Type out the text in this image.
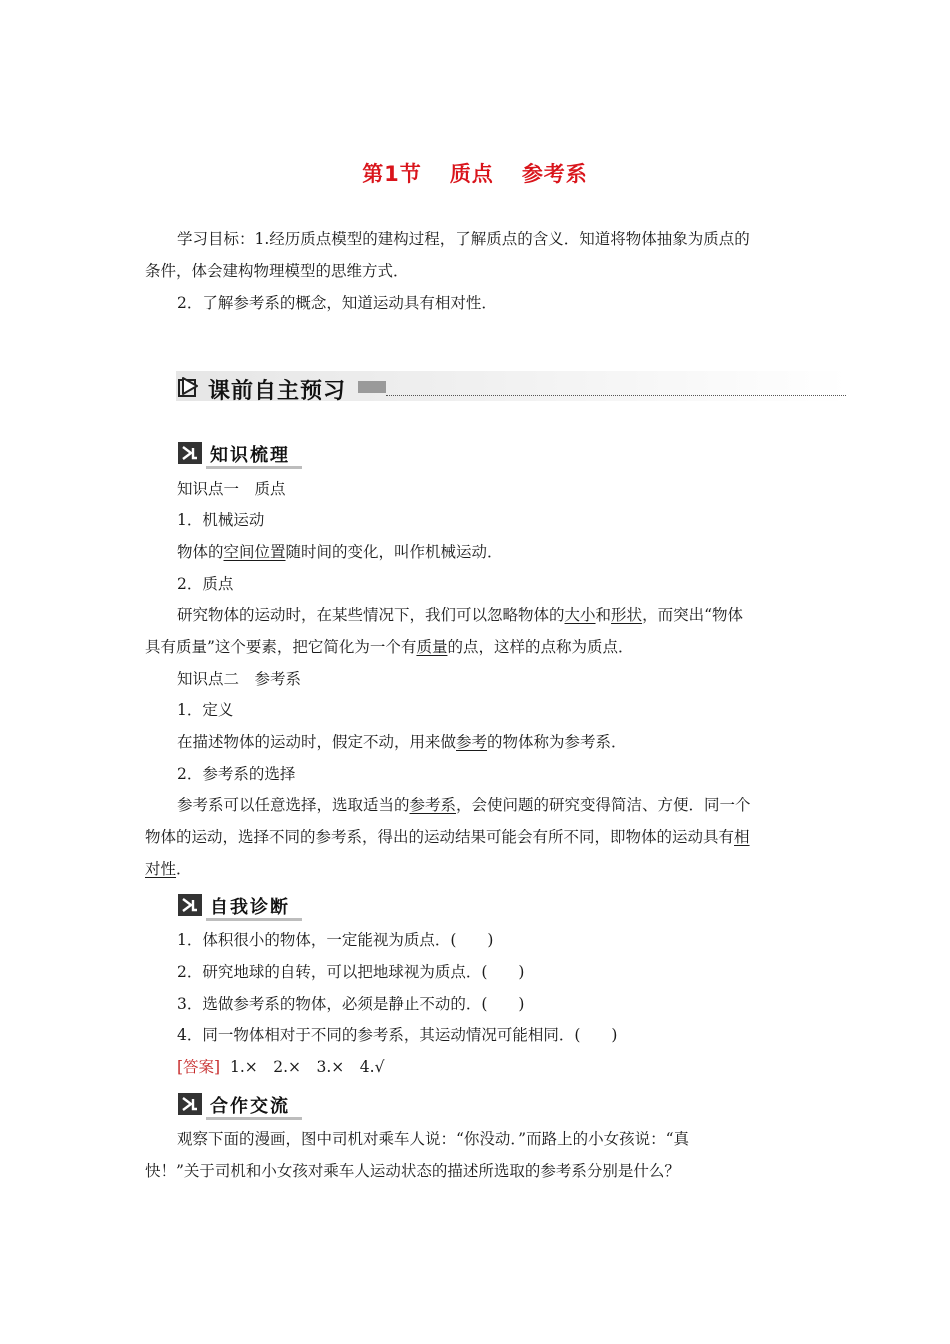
第1节 质点 参考系
学习目标：1.经历质点模型的建构过程，了解质点的含义．知道将物体抽象为质点的
条件，体会建构物理模型的思维方式．
2．了解参考系的概念，知道运动具有相对性．
课前自主预习
知识梳理
知识点一　质点
1．机械运动
物体的空间位置随时间的变化，叫作机械运动．
2．质点
研究物体的运动时，在某些情况下，我们可以忽略物体的大小和形状，而突出“物体
具有质量”这个要素，把它简化为一个有质量的点，这样的点称为质点．
知识点二　参考系
1．定义
在描述物体的运动时，假定不动，用来做参考的物体称为参考系．
2．参考系的选择
参考系可以任意选择，选取适当的参考系，会使问题的研究变得简洁、方便．同一个
物体的运动，选择不同的参考系，得出的运动结果可能会有所不同，即物体的运动具有相
对性．
自我诊断
1．体积很小的物体，一定能视为质点．(　　)
2．研究地球的自转，可以把地球视为质点．(　　)
3．选做参考系的物体，必须是静止不动的．(　　)
4．同一物体相对于不同的参考系，其运动情况可能相同．(　　)
[答案] 1.×　2.×　3.×　4.√
合作交流
观察下面的漫画，图中司机对乘车人说：“你没动．”而路上的小女孩说：“真
快！”关于司机和小女孩对乘车人运动状态的描述所选取的参考系分别是什么？
